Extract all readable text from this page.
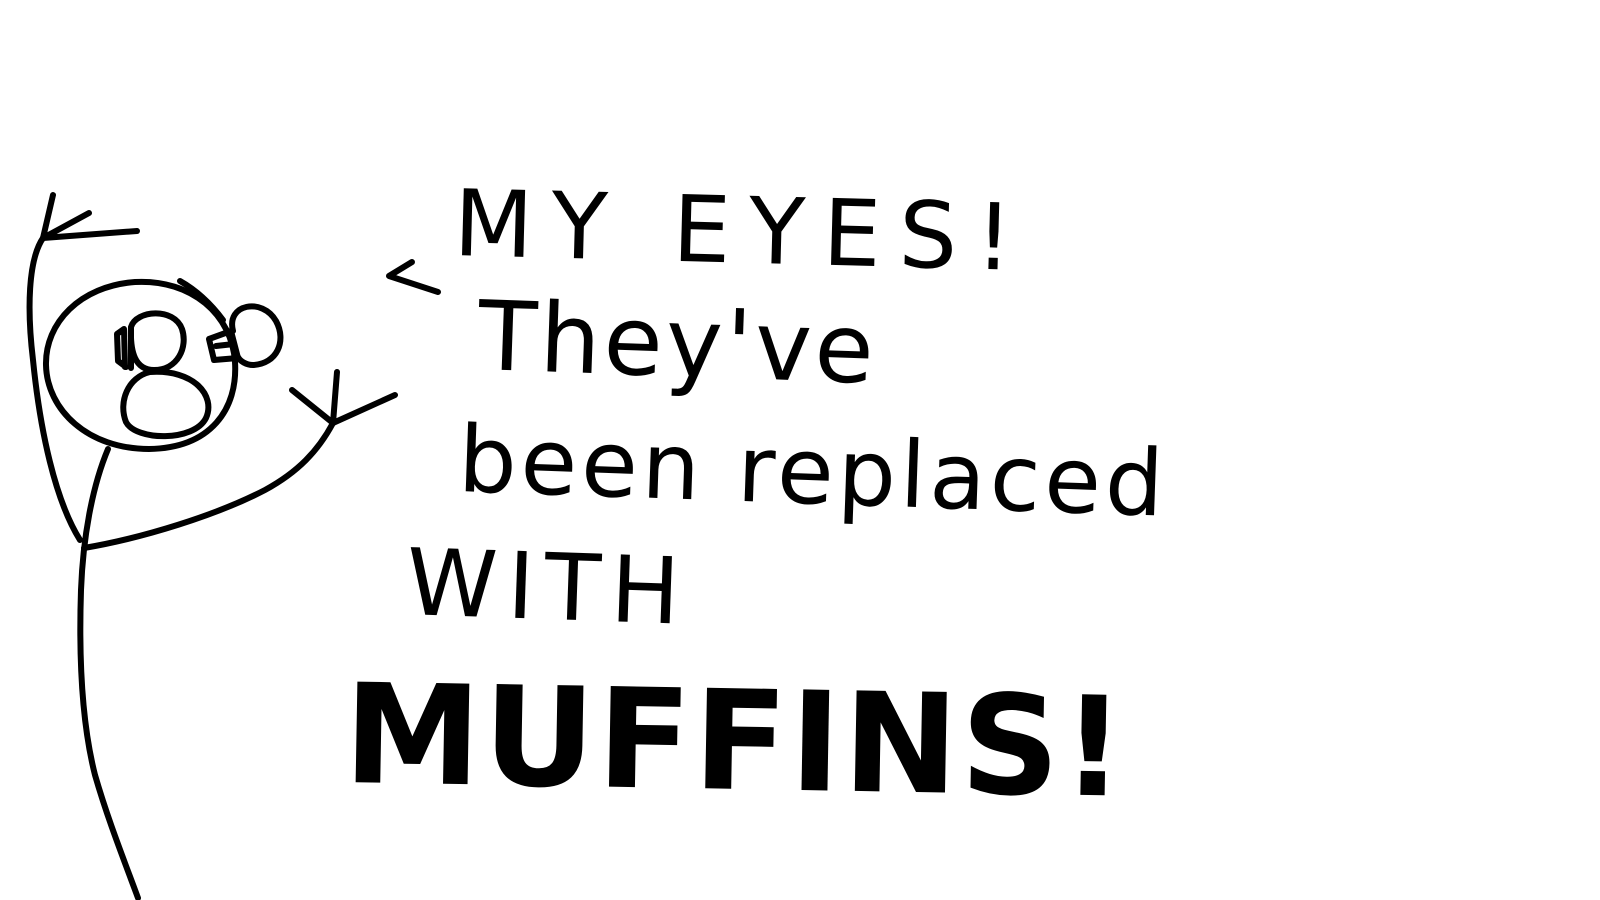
MY EYES!
They've
been replaced
WITH
MUFFINS!
